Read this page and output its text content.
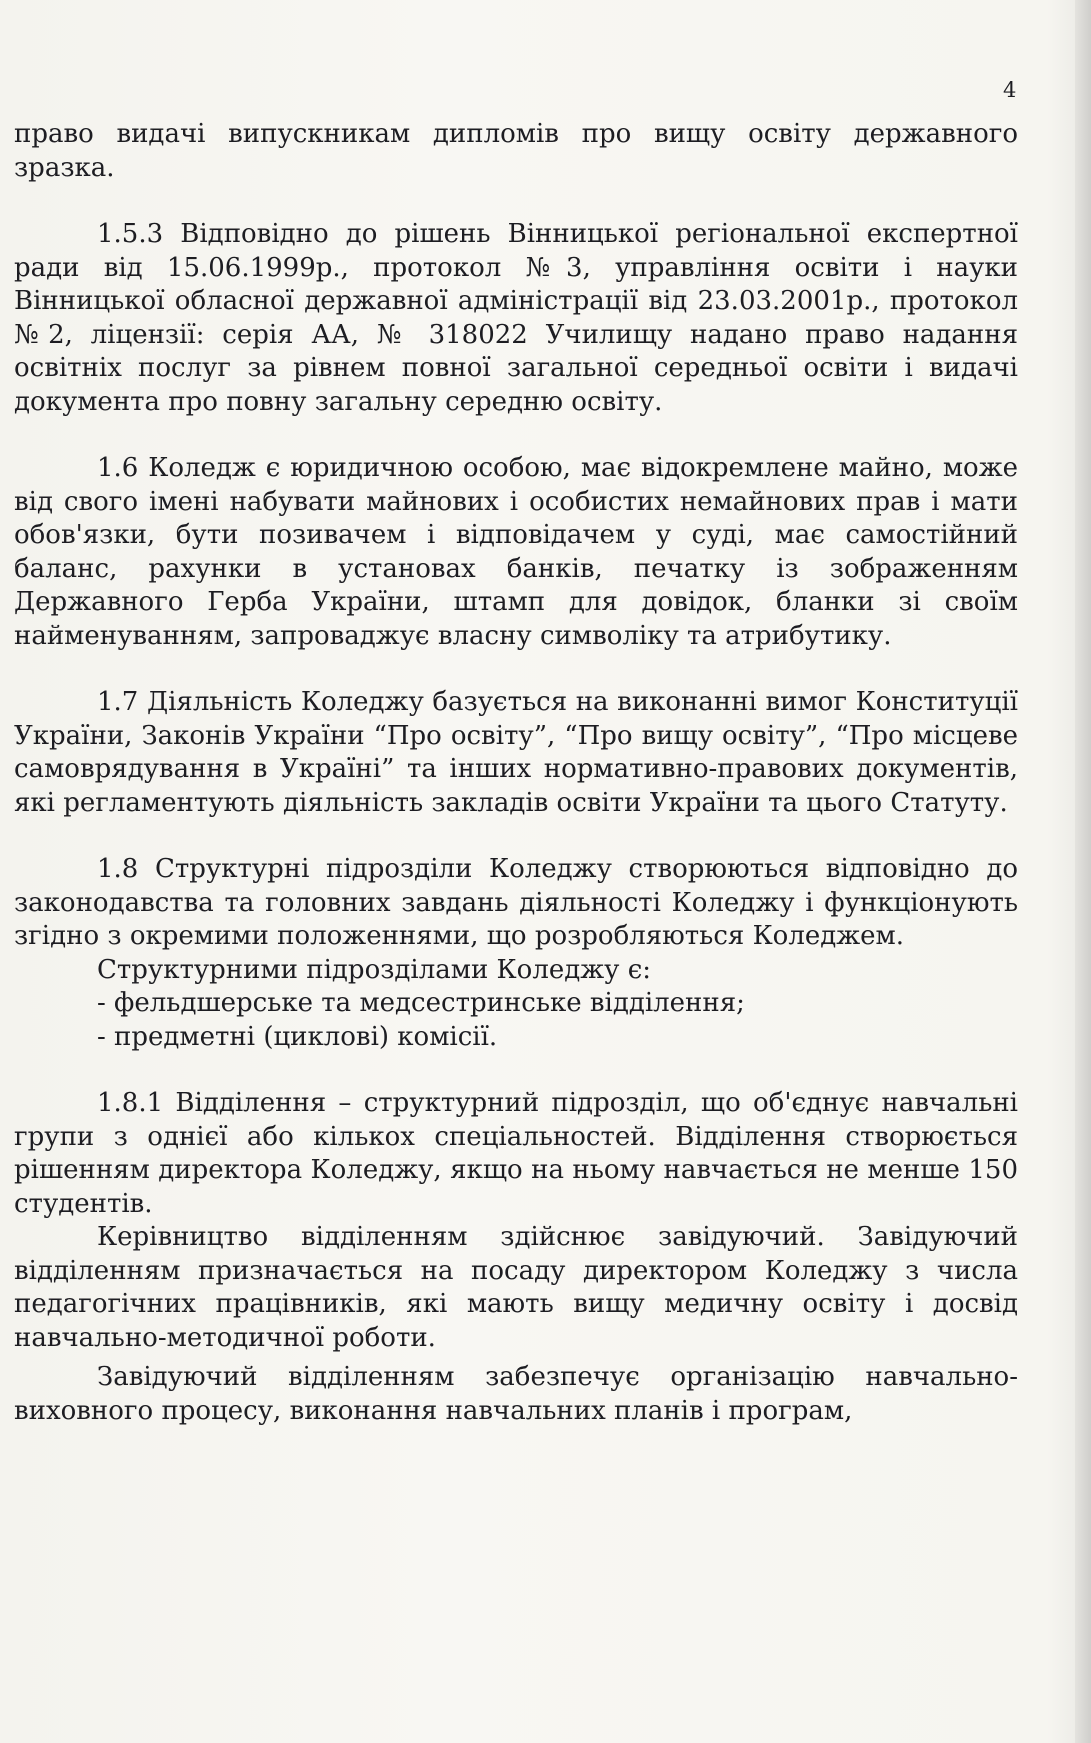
4

право видачі випускникам дипломів про вищу освіту державного зразка.

1.5.3 Відповідно до рішень Вінницької регіональної експертної ради від 15.06.1999р., протокол №3, управління освіти і науки Вінницької обласної державної адміністрації від 23.03.2001р., протокол №2, ліцензії: серія АА, № 318022 Училищу надано право надання освітніх послуг за рівнем повної загальної середньої освіти і видачі документа про повну загальну середню освіту.

1.6 Коледж є юридичною особою, має відокремлене майно, може від свого імені набувати майнових і особистих немайнових прав і мати обов'язки, бути позивачем і відповідачем у суді, має самостійний баланс, рахунки в установах банків, печатку із зображенням Державного Герба України, штамп для довідок, бланки зі своїм найменуванням, запроваджує власну символіку та атрибутику.

1.7 Діяльність Коледжу базується на виконанні вимог Конституції України, Законів України “Про освіту”, “Про вищу освіту”, “Про місцеве самоврядування в Україні” та інших нормативно-правових документів, які регламентують діяльність закладів освіти України та цього Статуту.

1.8 Структурні підрозділи Коледжу створюються відповідно до законодавства та головних завдань діяльності Коледжу і функціонують згідно з окремими положеннями, що розробляються Коледжем.

Структурними підрозділами Коледжу є:

- фельдшерське та медсестринське відділення;

- предметні (циклові) комісії.

1.8.1 Відділення – структурний підрозділ, що об'єднує навчальні групи з однієї або кількох спеціальностей. Відділення створюється рішенням директора Коледжу, якщо на ньому навчається не менше 150 студентів.

Керівництво відділенням здійснює завідуючий. Завідуючий відділенням призначається на посаду директором Коледжу з числа педагогічних працівників, які мають вищу медичну освіту і досвід навчально-методичної роботи.

Завідуючий відділенням забезпечує організацію навчально-виховного процесу, виконання навчальних планів і програм,
